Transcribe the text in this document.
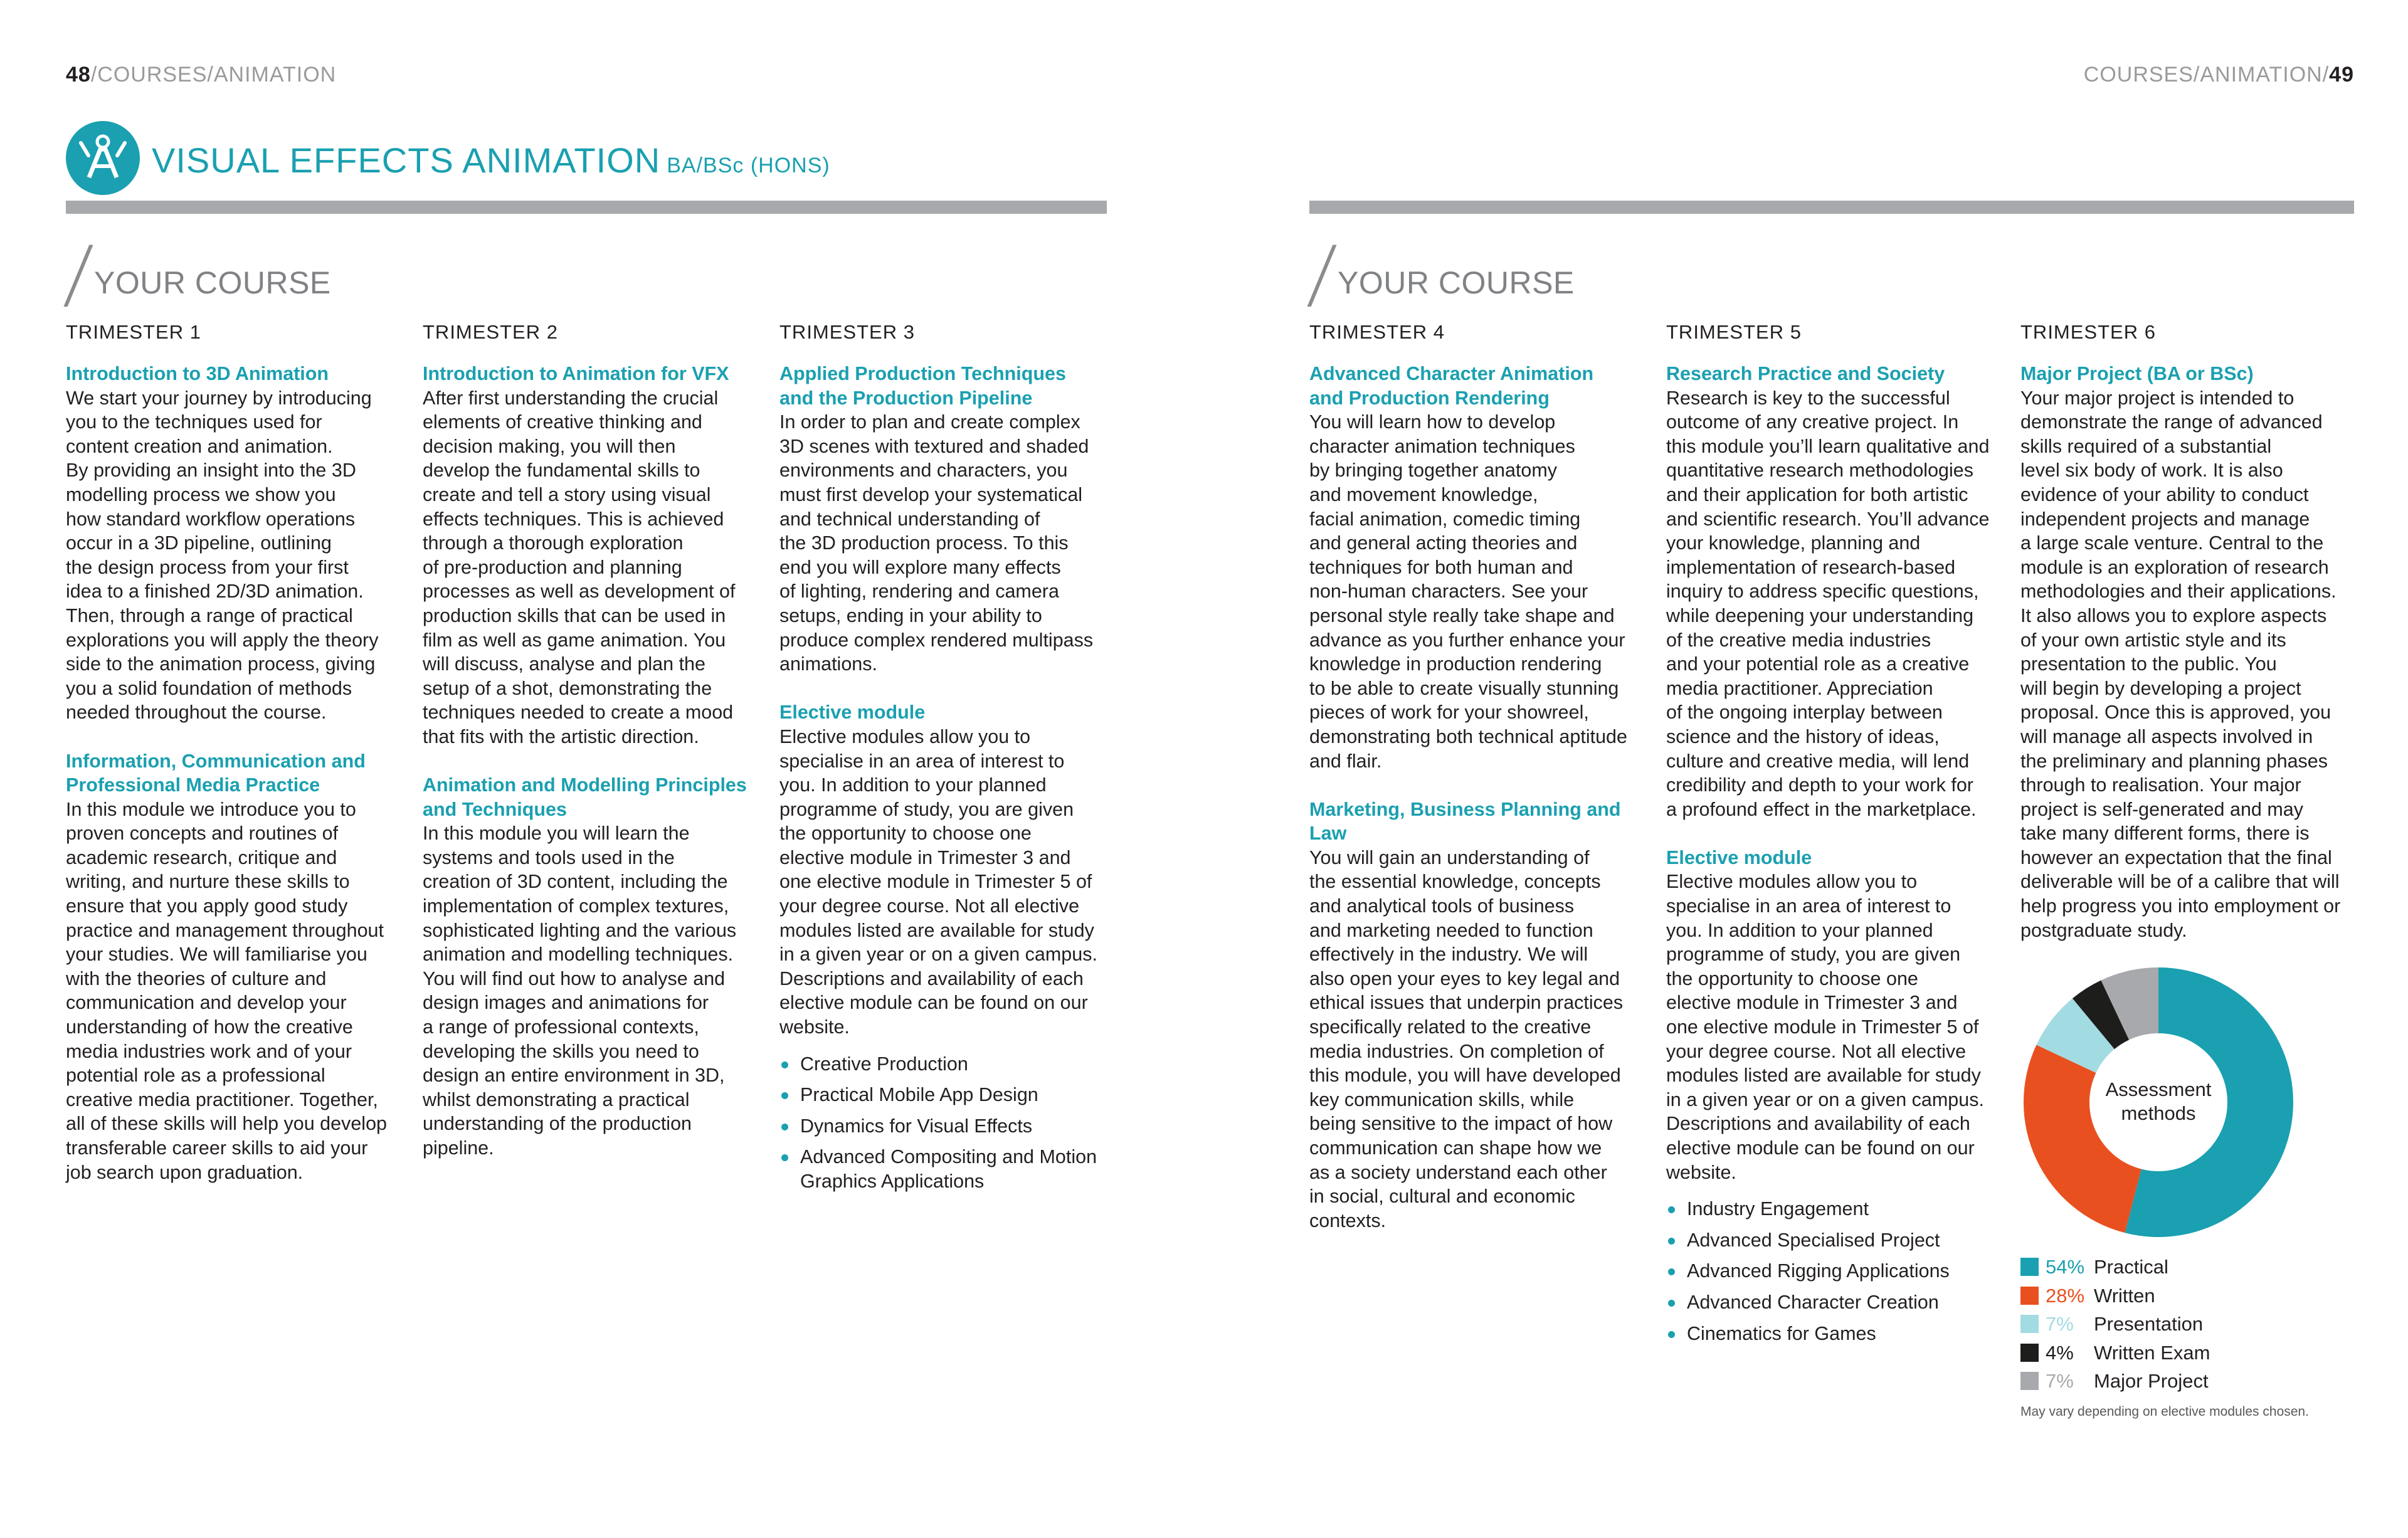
48/COURSES/ANIMATION	COURSES/ANIMATION/49
VISUAL EFFECTS ANIMATION BA/BSc (HONS)
/
YOUR COURSE	/
YOUR COURSE
TRIMESTER 1

Introduction to 3D Animation

We start your journey by introducing

you to the techniques used for

content creation and animation.

By providing an insight into the 3D

modelling process we show you

how standard workflow operations

occur in a 3D pipeline, outlining

the design process from your first

idea to a finished 2D/3D animation.

Then, through a range of practical

explorations you will apply the theory

side to the animation process, giving

you a solid foundation of methods

needed throughout the course.

Information, Communication and

Professional Media Practice

In this module we introduce you to

proven concepts and routines of

academic research, critique and

writing, and nurture these skills to

ensure that you apply good study

practice and management throughout

your studies. We will familiarise you

with the theories of culture and

communication and develop your

understanding of how the creative

media industries work and of your

potential role as a professional

creative media practitioner. Together,

all of these skills will help you develop

transferable career skills to aid your

job search upon graduation.

TRIMESTER 2

Introduction to Animation for VFX

After first understanding the crucial

elements of creative thinking and

decision making, you will then

develop the fundamental skills to

create and tell a story using visual

effects techniques. This is achieved

through a thorough exploration

of pre-production and planning

processes as well as development of

production skills that can be used in

film as well as game animation. You

will discuss, analyse and plan the

setup of a shot, demonstrating the

techniques needed to create a mood

that fits with the artistic direction.

Animation and Modelling Principles

and Techniques

In this module you will learn the

systems and tools used in the

creation of 3D content, including the

implementation of complex textures,

sophisticated lighting and the various

animation and modelling techniques.

You will find out how to analyse and

design images and animations for

a range of professional contexts,

developing the skills you need to

design an entire environment in 3D,

whilst demonstrating a practical

understanding of the production

pipeline.

TRIMESTER 3

Applied Production Techniques

and the Production Pipeline

In order to plan and create complex

3D scenes with textured and shaded

environments and characters, you

must first develop your systematical

and technical understanding of

the 3D production process. To this

end you will explore many effects

of lighting, rendering and camera

setups, ending in your ability to

produce complex rendered multipass

animations.

Elective module

Elective modules allow you to

specialise in an area of interest to

you. In addition to your planned

programme of study, you are given

the opportunity to choose one

elective module in Trimester 3 and

one elective module in Trimester 5 of

your degree course. Not all elective

modules listed are available for study

in a given year or on a given campus.

Descriptions and availability of each

elective module can be found on our

website.

Creative Production
Practical Mobile App Design
Dynamics for Visual Effects
Advanced Compositing and Motion Graphics Applications
TRIMESTER 4

Advanced Character Animation

and Production Rendering

You will learn how to develop

character animation techniques

by bringing together anatomy

and movement knowledge,

facial animation, comedic timing

and general acting theories and

techniques for both human and

non-human characters. See your

personal style really take shape and

advance as you further enhance your

knowledge in production rendering

to be able to create visually stunning

pieces of work for your showreel,

demonstrating both technical aptitude

and flair.

Marketing, Business Planning and

Law

You will gain an understanding of

the essential knowledge, concepts

and analytical tools of business

and marketing needed to function

effectively in the industry. We will

also open your eyes to key legal and

ethical issues that underpin practices

specifically related to the creative

media industries. On completion of

this module, you will have developed

key communication skills, while

being sensitive to the impact of how

communication can shape how we

as a society understand each other

in social, cultural and economic

contexts.

TRIMESTER 5

Research Practice and Society

Research is key to the successful

outcome of any creative project. In

this module you’ll learn qualitative and

quantitative research methodologies

and their application for both artistic

and scientific research. You’ll advance

your knowledge, planning and

implementation of research-based

inquiry to address specific questions,

while deepening your understanding

of the creative media industries

and your potential role as a creative

media practitioner. Appreciation

of the ongoing interplay between

science and the history of ideas,

culture and creative media, will lend

credibility and depth to your work for

a profound effect in the marketplace.

Elective module

Elective modules allow you to

specialise in an area of interest to

you. In addition to your planned

programme of study, you are given

the opportunity to choose one

elective module in Trimester 3 and

one elective module in Trimester 5 of

your degree course. Not all elective

modules listed are available for study

in a given year or on a given campus.

Descriptions and availability of each

elective module can be found on our

website.

Industry Engagement
Advanced Specialised Project
Advanced Rigging Applications
Advanced Character Creation
Cinematics for Games
TRIMESTER 6

Major Project (BA or BSc)

Your major project is intended to

demonstrate the range of advanced

skills required of a substantial

level six body of work. It is also

evidence of your ability to conduct

independent projects and manage

a large scale venture. Central to the

module is an exploration of research

methodologies and their applications.

It also allows you to explore aspects

of your own artistic style and its

presentation to the public. You

will begin by developing a project

proposal. Once this is approved, you

will manage all aspects involved in

the preliminary and planning phases

through to realisation. Your major

project is self-generated and may

take many different forms, there is

however an expectation that the final

deliverable will be of a calibre that will

help progress you into employment or

postgraduate study.

Assessment
methods
54% Practical
28% Written
7%	Presentation
4%	Written Exam
7%	Major Project
May vary depending on elective modules chosen.
